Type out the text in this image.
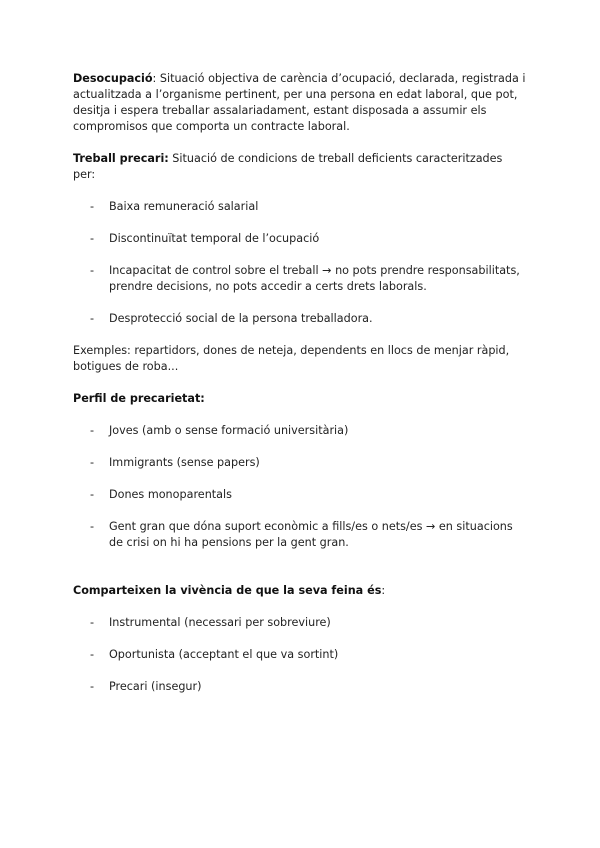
Desocupació: Situació objectiva de carència d’ocupació, declarada, registrada i actualitzada a l’organisme pertinent, per una persona en edat laboral, que pot, desitja i espera treballar assalariadament, estant disposada a assumir els compromisos que comporta un contracte laboral.

Treball precari: Situació de condicions de treball deficients caracteritzades per:

- Baixa remuneració salarial
- Discontinuïtat temporal de l’ocupació
- Incapacitat de control sobre el treball → no pots prendre responsabilitats, prendre decisions, no pots accedir a certs drets laborals.
- Desprotecció social de la persona treballadora.

Exemples: repartidors, dones de neteja, dependents en llocs de menjar ràpid, botigues de roba...

Perfil de precarietat:

- Joves (amb o sense formació universitària)
- Immigrants (sense papers)
- Dones monoparentals
- Gent gran que dóna suport econòmic a fills/es o nets/es → en situacions de crisi on hi ha pensions per la gent gran.

Comparteixen la vivència de que la seva feina és:

- Instrumental (necessari per sobreviure)
- Oportunista (acceptant el que va sortint)
- Precari (insegur)
